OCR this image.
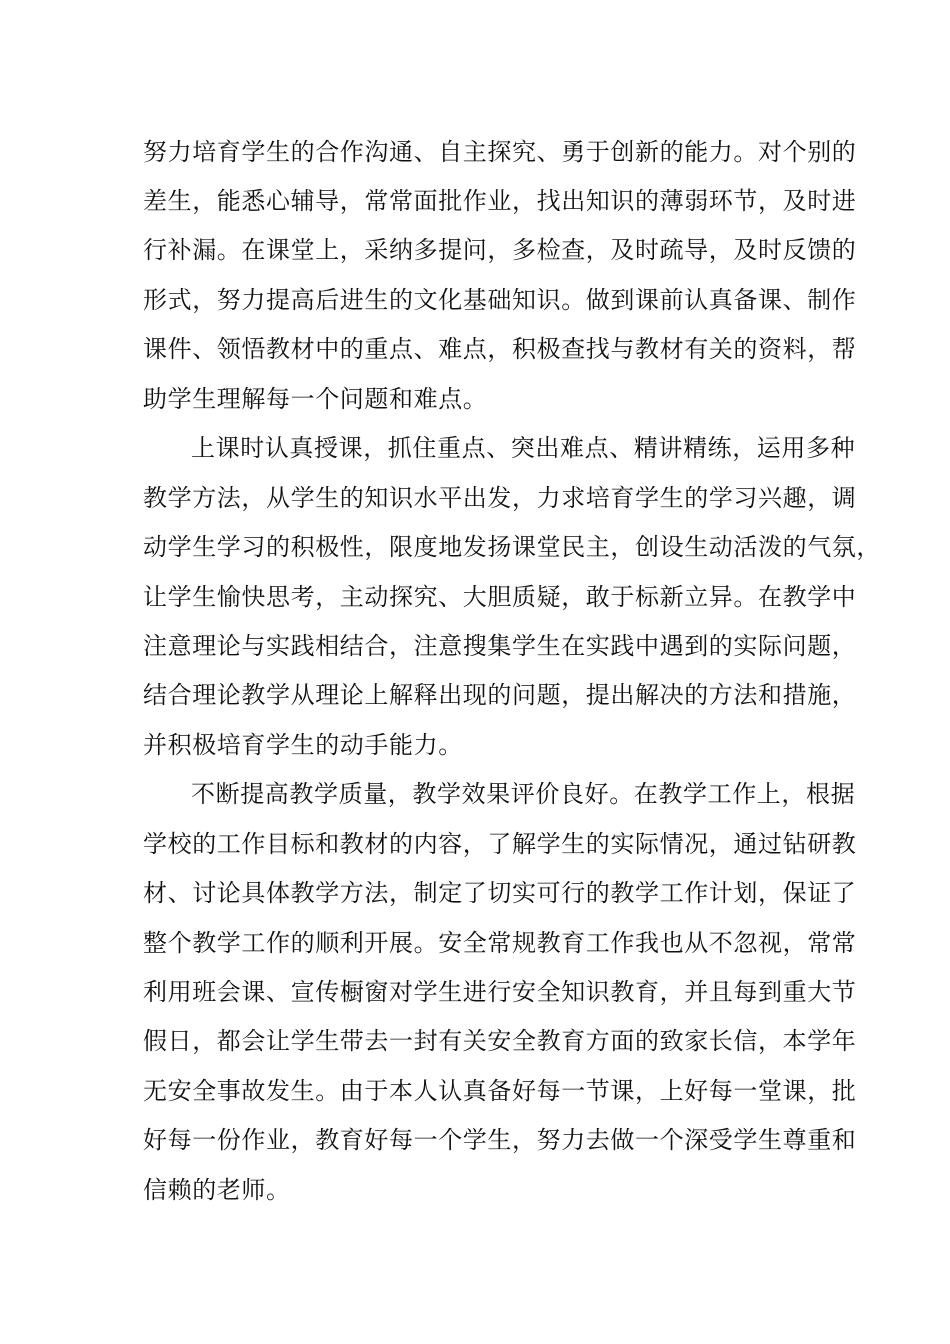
努力培育学生的合作沟通、自主探究、勇于创新的能力。对个别的
差生，能悉心辅导，常常面批作业，找出知识的薄弱环节，及时进
行补漏。在课堂上，采纳多提问，多检查，及时疏导，及时反馈的
形式，努力提高后进生的文化基础知识。做到课前认真备课、制作
课件、领悟教材中的重点、难点，积极查找与教材有关的资料，帮
助学生理解每一个问题和难点。
上课时认真授课，抓住重点、突出难点、精讲精练，运用多种
教学方法，从学生的知识水平出发，力求培育学生的学习兴趣，调
动学生学习的积极性，限度地发扬课堂民主，创设生动活泼的气氛，
让学生愉快思考，主动探究、大胆质疑，敢于标新立异。在教学中
注意理论与实践相结合，注意搜集学生在实践中遇到的实际问题，
结合理论教学从理论上解释出现的问题，提出解决的方法和措施，
并积极培育学生的动手能力。
不断提高教学质量，教学效果评价良好。在教学工作上，根据
学校的工作目标和教材的内容，了解学生的实际情况，通过钻研教
材、讨论具体教学方法，制定了切实可行的教学工作计划，保证了
整个教学工作的顺利开展。安全常规教育工作我也从不忽视，常常
利用班会课、宣传橱窗对学生进行安全知识教育，并且每到重大节
假日，都会让学生带去一封有关安全教育方面的致家长信，本学年
无安全事故发生。由于本人认真备好每一节课，上好每一堂课，批
好每一份作业，教育好每一个学生，努力去做一个深受学生尊重和
信赖的老师。
